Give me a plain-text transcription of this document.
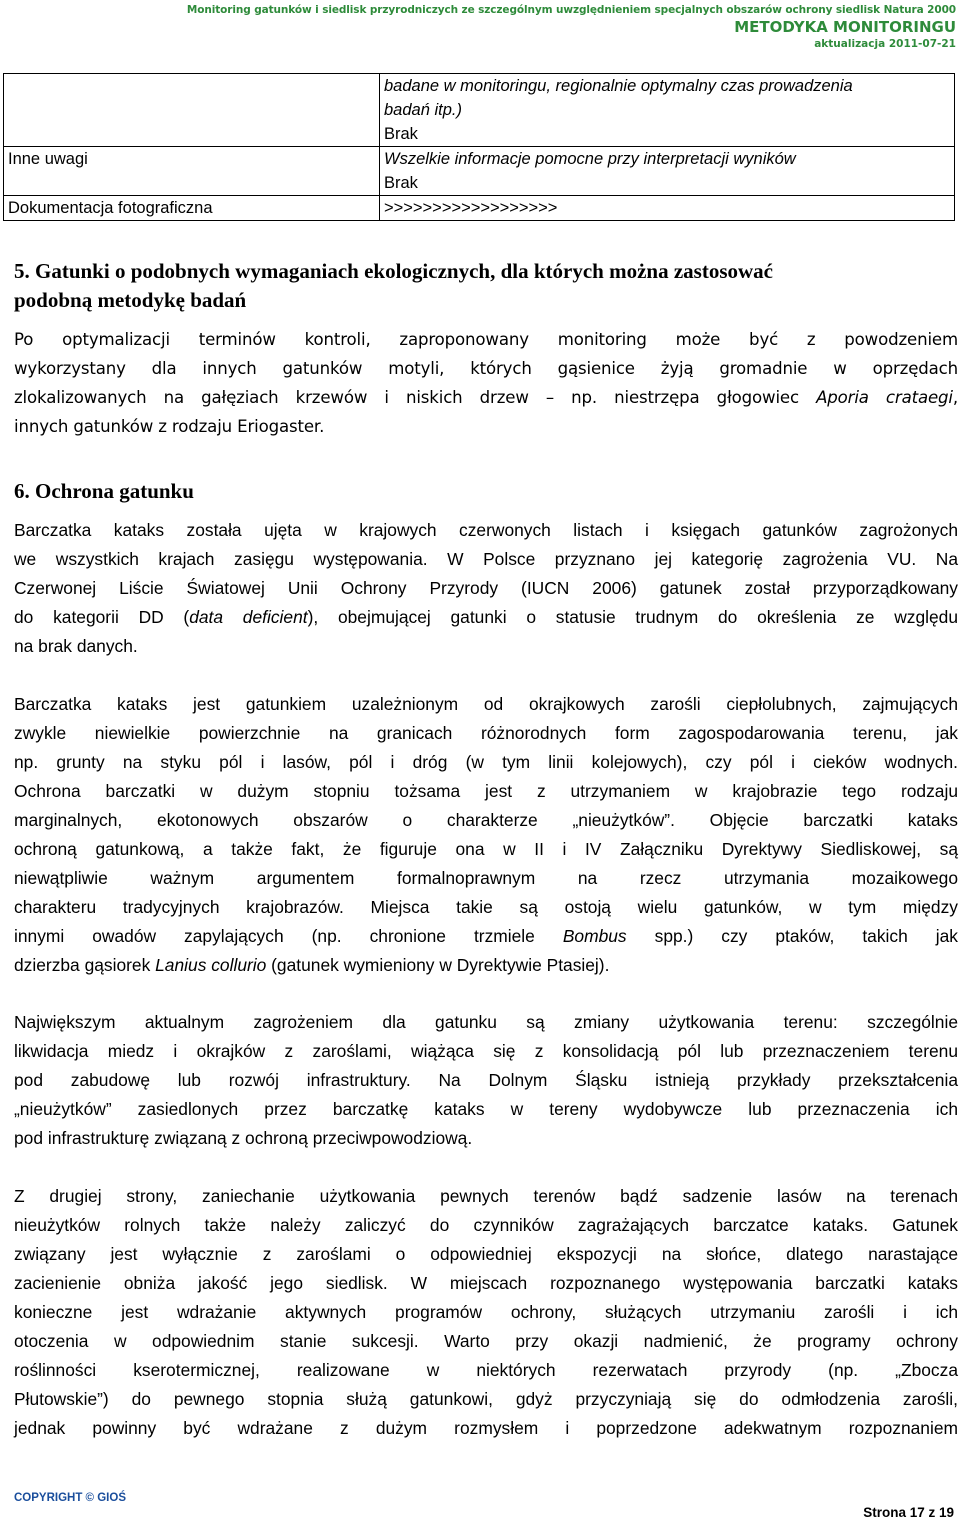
Monitoring gatunków i siedlisk przyrodniczych ze szczególnym uwzględnieniem specjalnych obszarów ochrony siedlisk Natura 2000
METODYKA MONITORINGU
aktualizacja 2011-07-21

	badane w monitoringu, regionalnie optymalny czas prowadzenia
badań itp.)
Brak

Inne uwagi	Wszelkie informacje pomocne przy interpretacji wyników
Brak

Dokumentacja fotograficzna	>>>>>>>>>>>>>>>>>>
5. Gatunki o podobnych wymaganiach ekologicznych, dla których można zastosować
podobną metodykę badań
Po optymalizacji terminów kontroli, zaproponowany monitoring może być z powodzeniem
wykorzystany dla innych gatunków motyli, których gąsienice żyją gromadnie w oprzędach
zlokalizowanych na gałęziach krzewów i niskich drzew – np. niestrzępa głogowiec Aporia crataegi,
innych gatunków z rodzaju Eriogaster.
6. Ochrona gatunku
Barczatka kataks została ujęta w krajowych czerwonych listach i księgach gatunków zagrożonych
we wszystkich krajach zasięgu występowania. W Polsce przyznano jej kategorię zagrożenia VU. Na
Czerwonej Liście Światowej Unii Ochrony Przyrody (IUCN 2006) gatunek został przyporządkowany
do kategorii DD (data deficient), obejmującej gatunki o statusie trudnym do określenia ze względu
na brak danych.
Barczatka kataks jest gatunkiem uzależnionym od okrajkowych zarośli ciepłolubnych, zajmujących
zwykle niewielkie powierzchnie na granicach różnorodnych form zagospodarowania terenu, jak
np. grunty na styku pól i lasów, pól i dróg (w tym linii kolejowych), czy pól i cieków wodnych.
Ochrona barczatki w dużym stopniu tożsama jest z utrzymaniem w krajobrazie tego rodzaju
marginalnych, ekotonowych obszarów o charakterze „nieużytków”. Objęcie barczatki kataks
ochroną gatunkową, a także fakt, że figuruje ona w II i IV Załączniku Dyrektywy Siedliskowej, są
niewątpliwie ważnym argumentem formalnoprawnym na rzecz utrzymania mozaikowego
charakteru tradycyjnych krajobrazów. Miejsca takie są ostoją wielu gatunków, w tym między
innymi owadów zapylających (np. chronione trzmiele Bombus spp.) czy ptaków, takich jak
dzierzba gąsiorek Lanius collurio (gatunek wymieniony w Dyrektywie Ptasiej).
Największym aktualnym zagrożeniem dla gatunku są zmiany użytkowania terenu: szczególnie
likwidacja miedz i okrajków z zaroślami, wiążąca się z konsolidacją pól lub przeznaczeniem terenu
pod zabudowę lub rozwój infrastruktury. Na Dolnym Śląsku istnieją przykłady przekształcenia
„nieużytków” zasiedlonych przez barczatkę kataks w tereny wydobywcze lub przeznaczenia ich
pod infrastrukturę związaną z ochroną przeciwpowodziową.
Z drugiej strony, zaniechanie użytkowania pewnych terenów bądź sadzenie lasów na terenach
nieużytków rolnych także należy zaliczyć do czynników zagrażających barczatce kataks. Gatunek
związany jest wyłącznie z zaroślami o odpowiedniej ekspozycji na słońce, dlatego narastające
zacienienie obniża jakość jego siedlisk. W miejscach rozpoznanego występowania barczatki kataks
konieczne jest wdrażanie aktywnych programów ochrony, służących utrzymaniu zarośli i ich
otoczenia w odpowiednim stanie sukcesji. Warto przy okazji nadmienić, że programy ochrony
roślinności kserotermicznej, realizowane w niektórych rezerwatach przyrody (np. „Zbocza
Płutowskie”) do pewnego stopnia służą gatunkowi, gdyż przyczyniają się do odmłodzenia zarośli,
jednak powinny być wdrażane z dużym rozmysłem i poprzedzone adekwatnym rozpoznaniem
COPYRIGHT © GIOŚ
Strona 17 z 19
